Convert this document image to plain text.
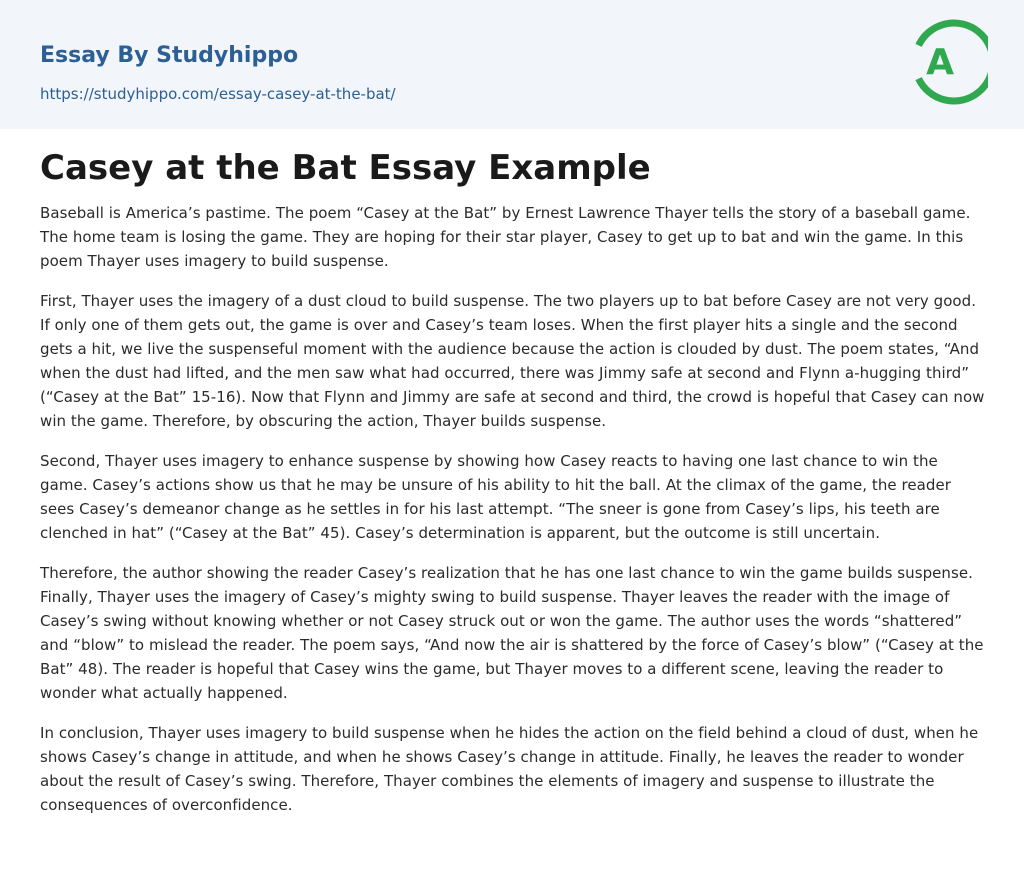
Essay By Studyhippo
https://studyhippo.com/essay-casey-at-the-bat/
A
Casey at the Bat Essay Example

Baseball is America’s pastime. The poem “Casey at the Bat” by Ernest Lawrence Thayer tells the story of a baseball game. The home team is losing the game. They are hoping for their star player, Casey to get up to bat and win the game. In this poem Thayer uses imagery to build suspense.

First, Thayer uses the imagery of a dust cloud to build suspense. The two players up to bat before Casey are not very good. If only one of them gets out, the game is over and Casey’s team loses. When the first player hits a single and the second gets a hit, we live the suspenseful moment with the audience because the action is clouded by dust. The poem states, “And when the dust had lifted, and the men saw what had occurred, there was Jimmy safe at second and Flynn a-hugging third” (“Casey at the Bat” 15-16). Now that Flynn and Jimmy are safe at second and third, the crowd is hopeful that Casey can now win the game. Therefore, by obscuring the action, Thayer builds suspense.

Second, Thayer uses imagery to enhance suspense by showing how Casey reacts to having one last chance to win the game. Casey’s actions show us that he may be unsure of his ability to hit the ball. At the climax of the game, the reader sees Casey’s demeanor change as he settles in for his last attempt. “The sneer is gone from Casey’s lips, his teeth are clenched in hat” (“Casey at the Bat” 45). Casey’s determination is apparent, but the outcome is still uncertain.

Therefore, the author showing the reader Casey’s realization that he has one last chance to win the game builds suspense. Finally, Thayer uses the imagery of Casey’s mighty swing to build suspense. Thayer leaves the reader with the image of Casey’s swing without knowing whether or not Casey struck out or won the game. The author uses the words “shattered” and “blow” to mislead the reader. The poem says, “And now the air is shattered by the force of Casey’s blow” (“Casey at the Bat” 48). The reader is hopeful that Casey wins the game, but Thayer moves to a different scene, leaving the reader to wonder what actually happened.

In conclusion, Thayer uses imagery to build suspense when he hides the action on the field behind a cloud of dust, when he shows Casey’s change in attitude, and when he shows Casey’s change in attitude. Finally, he leaves the reader to wonder about the result of Casey’s swing. Therefore, Thayer combines the elements of imagery and suspense to illustrate the consequences of overconfidence.
